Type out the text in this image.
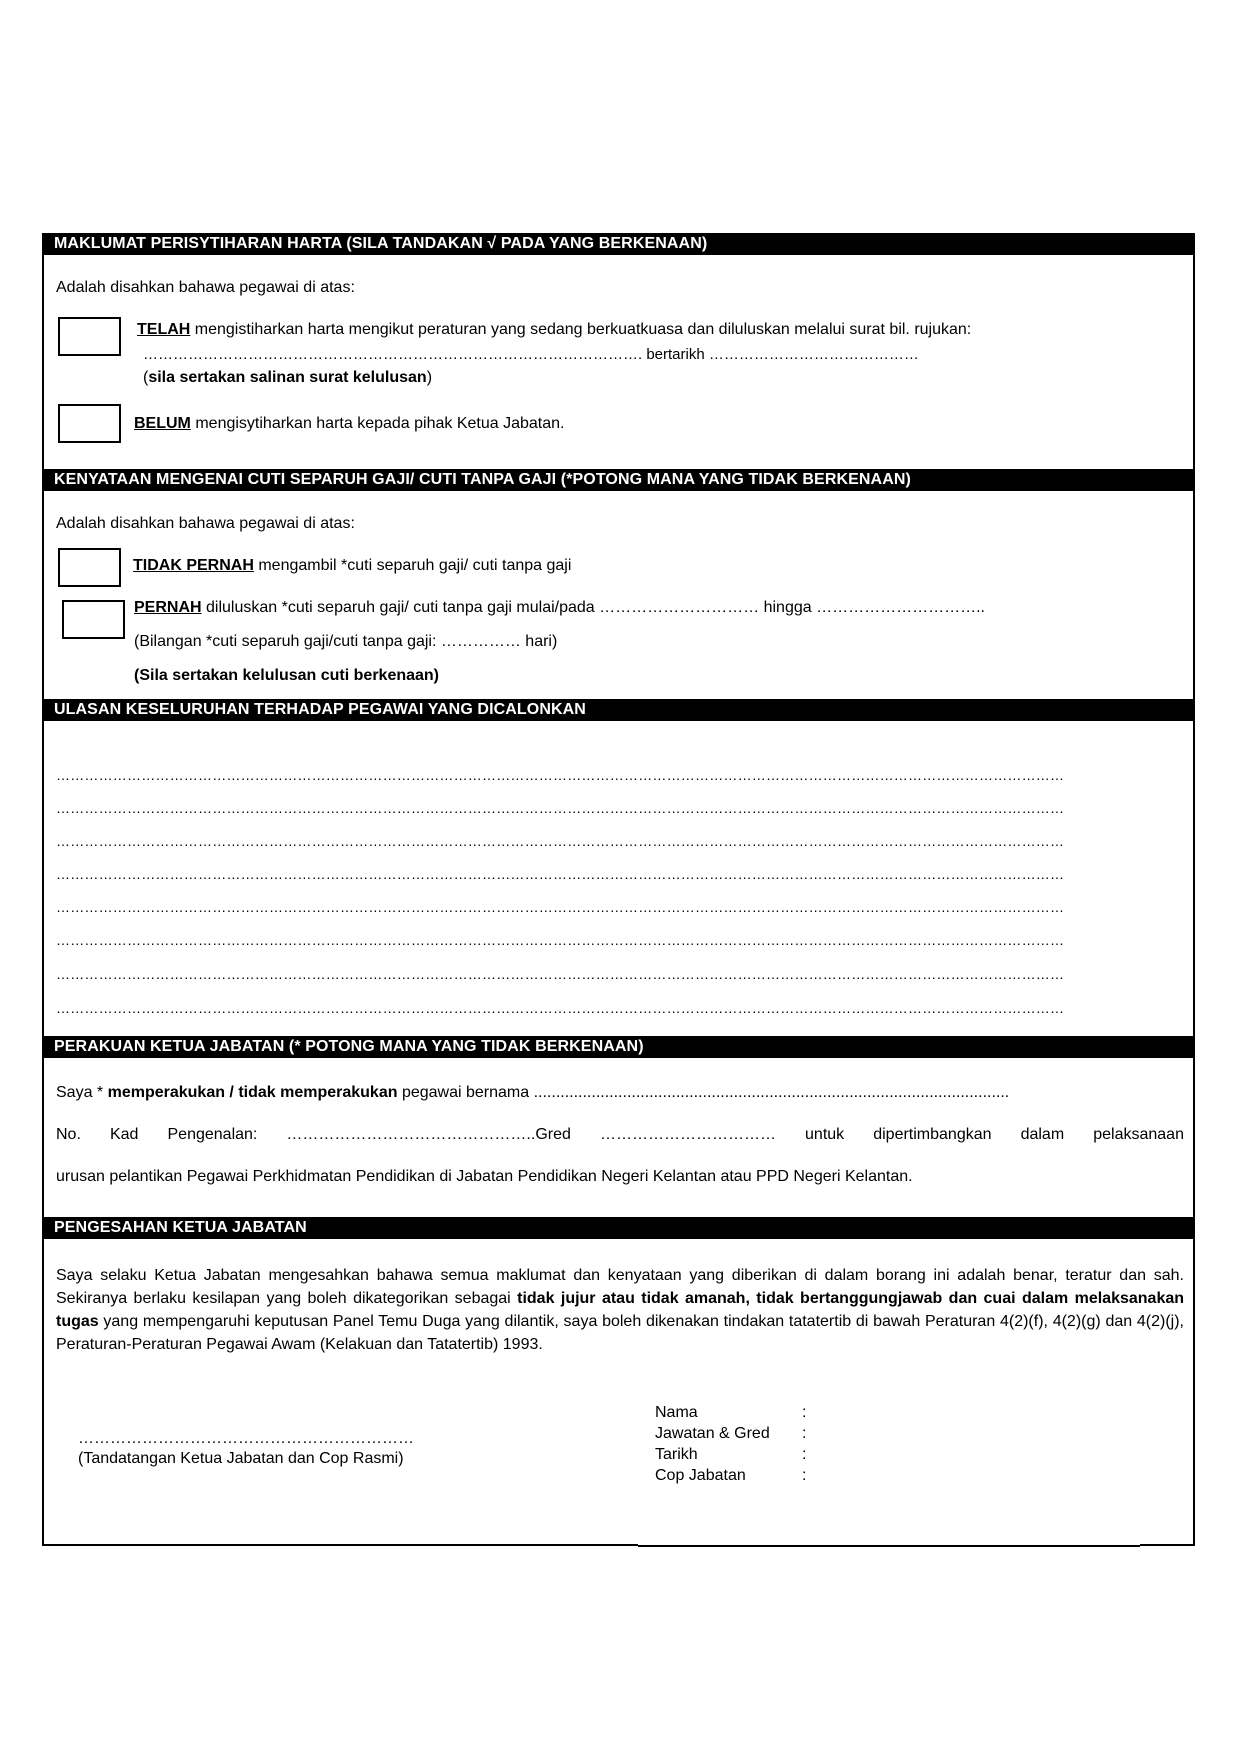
MAKLUMAT PERISYTIHARAN HARTA (SILA TANDAKAN √ PADA YANG BERKENAAN)
Adalah disahkan bahawa pegawai di atas:
TELAH mengistiharkan harta mengikut peraturan yang sedang berkuatkuasa dan diluluskan melalui surat bil. rujukan:
………………………………………………………………………………………. bertarikh ……………………………………
(sila sertakan salinan surat kelulusan)
BELUM mengisytiharkan harta kepada pihak Ketua Jabatan.
KENYATAAN MENGENAI CUTI SEPARUH GAJI/ CUTI TANPA GAJI (*POTONG MANA YANG TIDAK BERKENAAN)
Adalah disahkan bahawa pegawai di atas:
TIDAK PERNAH mengambil *cuti separuh gaji/ cuti tanpa gaji
PERNAH diluluskan *cuti separuh gaji/ cuti tanpa gaji mulai/pada ………………………… hingga …………………………..
(Bilangan *cuti separuh gaji/cuti tanpa gaji: …………… hari)
(Sila sertakan kelulusan cuti berkenaan)
ULASAN KESELURUHAN TERHADAP PEGAWAI YANG DICALONKAN
……………………………………………………………………………………………………………………………………………………………………………………………
……………………………………………………………………………………………………………………………………………………………………………………………
……………………………………………………………………………………………………………………………………………………………………………………………
……………………………………………………………………………………………………………………………………………………………………………………………
……………………………………………………………………………………………………………………………………………………………………………………………
……………………………………………………………………………………………………………………………………………………………………………………………
……………………………………………………………………………………………………………………………………………………………………………………………
……………………………………………………………………………………………………………………………………………………………………………………………
PERAKUAN KETUA JABATAN (* POTONG MANA YANG TIDAK BERKENAAN)
Saya * memperakukan / tidak memperakukan pegawai bernama ...........................................................................................................
No. Kad Pengenalan: ………………………………………..Gred …………………………… untuk dipertimbangkan dalam pelaksanaan
urusan pelantikan Pegawai Perkhidmatan Pendidikan di Jabatan Pendidikan Negeri Kelantan atau PPD Negeri Kelantan.
PENGESAHAN KETUA JABATAN
Saya selaku Ketua Jabatan mengesahkan bahawa semua maklumat dan kenyataan yang diberikan di dalam borang ini adalah benar, teratur dan sah. Sekiranya berlaku kesilapan yang boleh dikategorikan sebagai tidak jujur atau tidak amanah, tidak bertanggungjawab dan cuai dalam melaksanakan tugas yang mempengaruhi keputusan Panel Temu Duga yang dilantik, saya boleh dikenakan tindakan tatatertib di bawah Peraturan 4(2)(f), 4(2)(g) dan 4(2)(j), Peraturan-Peraturan Pegawai Awam (Kelakuan dan Tatatertib) 1993.
………………………………………………………
(Tandatangan Ketua Jabatan dan Cop Rasmi)
Nama	:
Jawatan & Gred :
Tarikh	:
Cop Jabatan	:
